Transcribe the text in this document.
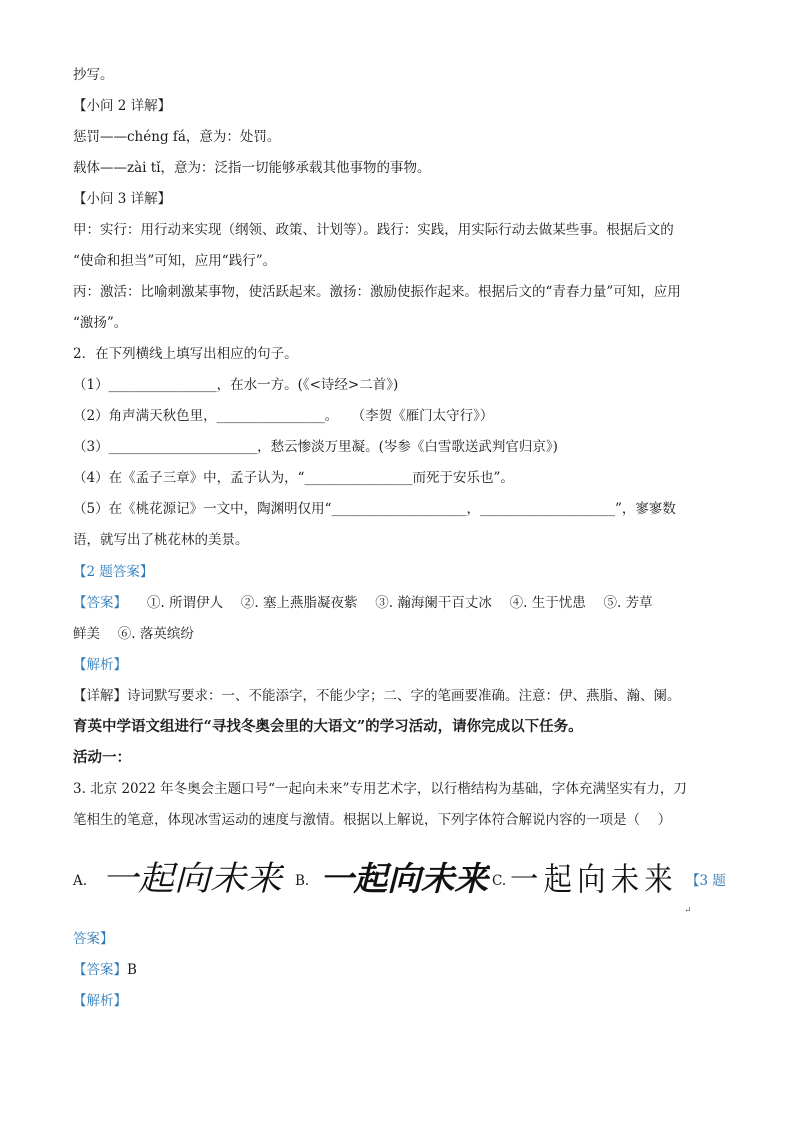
抄写。
【小问 2 详解】
惩罚——chéng fá，意为：处罚。
载体——zài tǐ，意为：泛指一切能够承载其他事物的事物。
【小问 3 详解】
甲：实行：用行动来实现（纲领、政策、计划等）。践行：实践，用实际行动去做某些事。根据后文的
“使命和担当”可知，应用“践行”。
丙：激活：比喻刺激某事物，使活跃起来。激扬：激励使振作起来。根据后文的“青春力量”可知，应用
“激扬”。
2．在下列横线上填写出相应的句子。
（1）________________，在水一方。(《<诗经>二首》)
（2）角声满天秋色里，________________。　　（李贺《雁门太守行》）
（3）______________________，愁云惨淡万里凝。(岑参《白雪歌送武判官归京》)
（4）在《孟子三章》中，孟子认为，“________________而死于安乐也”。
（5）在《桃花源记》一文中，陶渊明仅用“____________________，____________________”，寥寥数
语，就写出了桃花林的美景。
【2 题答案】
【答案】 ①. 所谓伊人　 ②. 塞上燕脂凝夜紫　 ③. 瀚海阑干百丈冰　 ④. 生于忧患　 ⑤. 芳草
鲜美　 ⑥. 落英缤纷
【解析】
【详解】诗词默写要求：一、不能添字，不能少字；二、字的笔画要准确。注意：伊、燕脂、瀚、阑。
育英中学语文组进行“寻找冬奥会里的大语文”的学习活动，请你完成以下任务。
活动一：
3. 北京 2022 年冬奥会主题口号“一起向未来”专用艺术字，以行楷结构为基础，字体充满坚实有力，刀
笔相生的笔意，体现冰雪运动的速度与激情。根据以上解说，下列字体符合解说内容的一项是（　 ）
A. 一起向未来 B. 一起向未来 C. 一起向未来 【3 题
↵
答案】
【答案】B
【解析】
